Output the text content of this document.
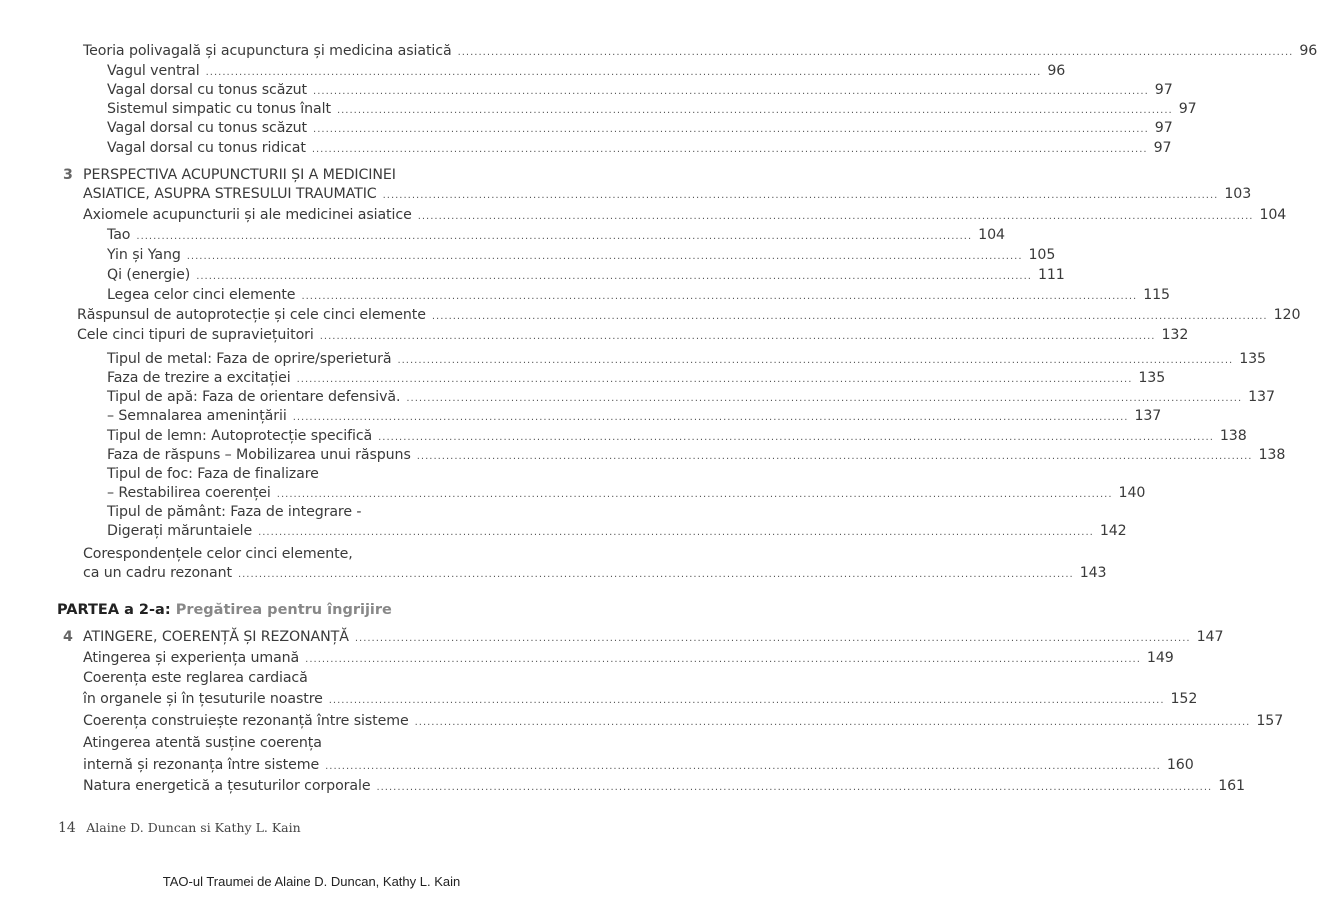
Teoria polivagală și acupunctura și medicina asiatică ........................................................................................................................................................................................................ 96
Vagul ventral ........................................................................................................................................................................................................ 96
Vagal dorsal cu tonus scăzut ........................................................................................................................................................................................................ 97
Sistemul simpatic cu tonus înalt ........................................................................................................................................................................................................ 97
Vagal dorsal cu tonus scăzut ........................................................................................................................................................................................................ 97
Vagal dorsal cu tonus ridicat ........................................................................................................................................................................................................ 97
PERSPECTIVA ACUPUNCTURII ȘI A MEDICINEI
3
ASIATICE, ASUPRA STRESULUI TRAUMATIC ........................................................................................................................................................................................................ 103
Axiomele acupuncturii și ale medicinei asiatice ........................................................................................................................................................................................................ 104
Tao ........................................................................................................................................................................................................ 104
Yin și Yang ........................................................................................................................................................................................................ 105
Qi (energie) ........................................................................................................................................................................................................ 111
Legea celor cinci elemente ........................................................................................................................................................................................................ 115
Răspunsul de autoprotecție și cele cinci elemente ........................................................................................................................................................................................................ 120
Cele cinci tipuri de supraviețuitori ........................................................................................................................................................................................................ 132
Tipul de metal: Faza de oprire/sperietură ........................................................................................................................................................................................................ 135
Faza de trezire a excitației ........................................................................................................................................................................................................ 135
Tipul de apă: Faza de orientare defensivă. ........................................................................................................................................................................................................ 137
– Semnalarea amenințării ........................................................................................................................................................................................................ 137
Tipul de lemn: Autoprotecție specifică ........................................................................................................................................................................................................ 138
Faza de răspuns – Mobilizarea unui răspuns ........................................................................................................................................................................................................ 138
Tipul de foc: Faza de finalizare
– Restabilirea coerenței ........................................................................................................................................................................................................ 140
Tipul de pământ: Faza de integrare -
Digerați măruntaiele ........................................................................................................................................................................................................ 142
Corespondențele celor cinci elemente,
ca un cadru rezonant ........................................................................................................................................................................................................ 143
ATINGERE, COERENȚĂ ȘI REZONANȚĂ ........................................................................................................................................................................................................ 147
4
Atingerea și experiența umană ........................................................................................................................................................................................................ 149
Coerența este reglarea cardiacă
în organele și în țesuturile noastre ........................................................................................................................................................................................................ 152
Coerența construiește rezonanță între sisteme ........................................................................................................................................................................................................ 157
Atingerea atentă susține coerența
internă și rezonanța între sisteme ........................................................................................................................................................................................................ 160
Natura energetică a țesuturilor corporale ........................................................................................................................................................................................................ 161
PARTEA a 2-a: Pregătirea pentru îngrijire
14 Alaine D. Duncan si Kathy L. Kain
TAO-ul Traumei de Alaine D. Duncan, Kathy L. Kain
